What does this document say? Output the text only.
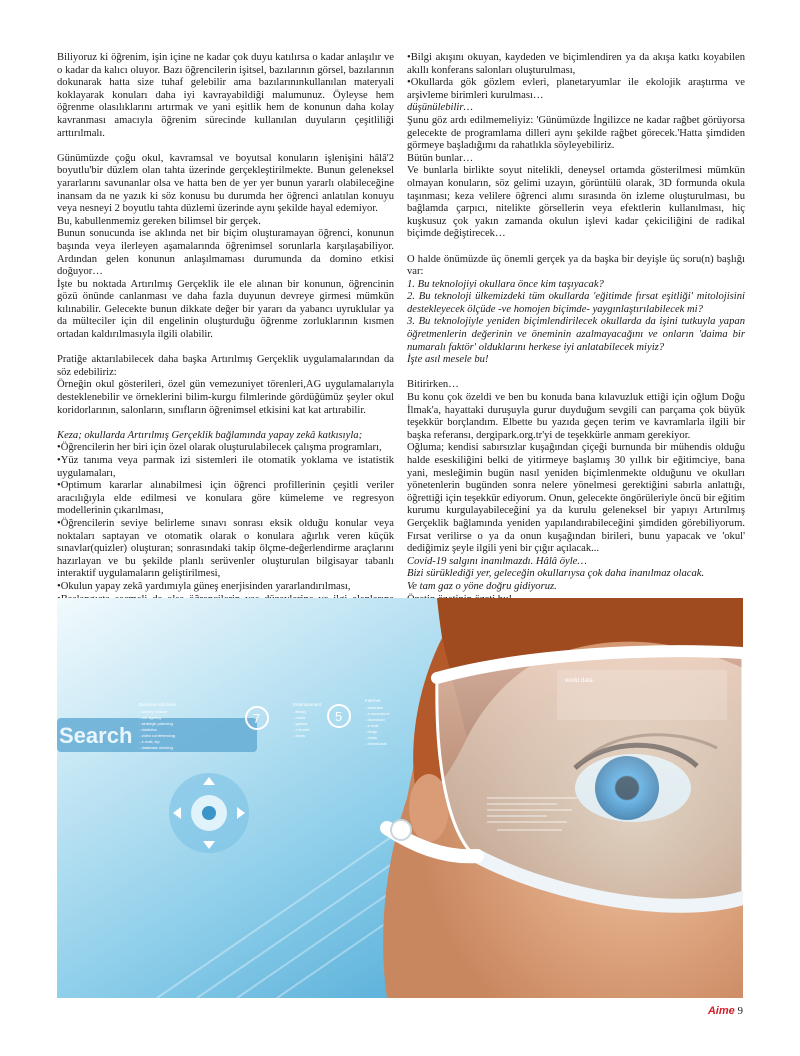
Biliyoruz ki öğrenim, işin içine ne kadar çok duyu katılırsa o kadar anlaşılır ve o kadar da kalıcı oluyor. Bazı öğrencilerin işitsel, bazılarının görsel, bazılarının dokunarak hatta size tuhaf gelebilir ama bazılarınınkullanılan materyali koklayarak konuları daha iyi kavrayabildiği malumunuz. Öyleyse hem öğrenme olasılıklarını artırmak ve yani eşitlik hem de konunun daha kolay kavranması amacıyla öğrenim sürecinde kullanılan duyuların çeşitliliği arttırılmalı.

Günümüzde çoğu okul, kavramsal ve boyutsal konuların işlenişini hâlâ'2 boyutlu'bir düzlem olan tahta üzerinde gerçekleştirilmekte. Bunun geleneksel yararlarını savunanlar olsa ve hatta ben de yer yer bunun yararlı olabileceğine inansam da ne yazık ki söz konusu bu durumda her öğrenci anlatılan konuyu veya nesneyi 2 boyutlu tahta düzlemi üzerinde aynı şekilde hayal edemiyor.

Bu, kabullenmemiz gereken bilimsel bir gerçek.

Bunun sonucunda ise aklında net bir biçim oluşturamayan öğrenci, konunun başında veya ilerleyen aşamalarında öğrenimsel sorunlarla karşılaşabiliyor. Ardından gelen konunun anlaşılmaması durumunda da domino etkisi doğuyor…

İşte bu noktada Artırılmış Gerçeklik ile ele alınan bir konunun, öğrencinin gözü önünde canlanması ve daha fazla duyunun devreye girmesi mümkün kılınabilir. Gelecekte bunun dikkate değer bir yararı da yabancı uyruklular ya da mülteciler için dil engelinin oluşturduğu öğrenme zorluklarının kısmen ortadan kaldırılmasıyla ilgili olabilir.

Pratiğe aktarılabilecek daha başka Artırılmış Gerçeklik uygulamalarından da söz edebiliriz:

Örneğin okul gösterileri, özel gün vemezuniyet törenleri,AG uygulamalarıyla desteklenebilir ve örneklerini bilim-kurgu filmlerinde gördüğümüz şeyler okul koridorlarının, salonların, sınıfların öğrenimsel etkisini kat kat artırabilir.

Keza; okullarda Artırılmış Gerçeklik bağlamında yapay zekâ katkısıyla;

•Öğrencilerin her biri için özel olarak oluşturulabilecek çalışma programları,

•Yüz tanıma veya parmak izi sistemleri ile otomatik yoklama ve istatistik uygulamaları,

•Optimum kararlar alınabilmesi için öğrenci profillerinin çeşitli veriler aracılığıyla elde edilmesi ve konulara göre kümeleme ve regresyon modellerinin çıkarılması,

•Öğrencilerin seviye belirleme sınavı sonrası eksik olduğu konular veya noktaları saptayan ve otomatik olarak o konulara ağırlık veren küçük sınavlar(quizler) oluşturan; sonrasındaki takip ölçme-değerlendirme araçlarını hazırlayan ve bu şekilde planlı serüvenler oluşturulan bilgisayar tabanlı interaktif uygulamaların geliştirilmesi,

•Okulun yapay zekâ yardımıyla güneş enerjisinden yararlandırılması,

•Bilgi akışını okuyan, kaydeden ve biçimlendiren ya da akışa katkı koyabilen akıllı konferans salonları oluşturulması,

•Okullarda gök gözlem evleri, planetaryumlar ile ekolojik araştırma ve arşivleme birimleri kurulması…

düşünülebilir…

Şunu göz ardı edilmemeliyiz: 'Günümüzde İngilizce ne kadar rağbet görüyorsa gelecekte de programlama dilleri aynı şekilde rağbet görecek.'Hatta şimdiden görmeye başladığımı da rahatlıkla söyleyebiliriz.

Bütün bunlar…

Ve bunlarla birlikte soyut nitelikli, deneysel ortamda gösterilmesi mümkün olmayan konuların, söz gelimi uzayın, görüntülü olarak, 3D formunda okula taşınması; keza velilere öğrenci alımı sırasında ön izleme oluşturulması, bu bağlamda çarpıcı, nitelikte görsellerin veya efektlerin kullanılması, hiç kuşkusuz çok yakın zamanda okulun işlevi kadar çekiciliğini de radikal biçimde değiştirecek…

O halde önümüzde üç önemli gerçek ya da başka bir deyişle üç soru(n) başlığı var:

1. Bu teknolojiyi okullara önce kim taşıyacak?

2. Bu teknoloji ülkemizdeki tüm okullarda 'eğitimde fırsat eşitliği' mitolojisini destekleyecek ölçüde -ve homojen biçimde- yaygınlaştırılabilecek mi?

3. Bu teknolojiyle yeniden biçimlendirilecek okullarda da işini tutkuyla yapan öğretmenlerin değerinin ve öneminin azalmayacağını ve onların 'daima bir numaralı faktör' olduklarını herkese iyi anlatabilecek miyiz?

İşte asıl mesele bu!

Bitirirken…

Bu konu çok özeldi ve ben bu konuda bana kılavuzluk ettiği için oğlum Doğu İlmak'a, hayattaki duruşuyla gurur duyduğum sevgili can parçama çok büyük teşekkür borçlandım. Elbette bu yazıda geçen terim ve kavramlarla ilgili bir başka referansı, dergipark.org.tr'yi de teşekkürle anmam gerekiyor.

Oğluma; kendisi sabırsızlar kuşağından çiçeği burnunda bir mühendis olduğu halde eseskiliğini belki de yitirmeye başlamış 30 yıllık bir eğitimciye, bana yani, mesleğimin bugün nasıl yeniden biçimlenmekte olduğunu ve okulları yönetenlerin bugünden sonra nelere yönelmesi gerektiğini sabırla anlattığı, öğrettiği için teşekkür ediyorum. Onun, gelecekte öngörüleriyle öncü bir eğitim kurumu kurgulayabileceğini ya da kurulu geleneksel bir yapıyı Artırılmış Gerçeklik bağlamında yeniden yapılandırabileceğini şimdiden görebiliyorum. Fırsat verilirse o ya da onun kuşağından birileri, bunu yapacak ve 'okul' dediğimiz şeyle ilgili yeni bir çığır açılacak...

Covid-19 salgını inanılmazdı. Hâlâ öyle…

Bizi sürüklediği yer, geleceğin okullarıysa çok daha inanılmaz olacak.

Ve tam gaz o yöne doğru gidiyoruz.

Search
Business solutions
- survey module
- our agency
- strategic planning
- statistics
- video conferencing
- e-mail, sip
- database working
7
Entertainment
- library
- music
- games
- e-books
- chats
5
Internet
- websites
- e-commerce
- download
- e-mail
- blogs
- chats
- downloads
world data
Aime 9
